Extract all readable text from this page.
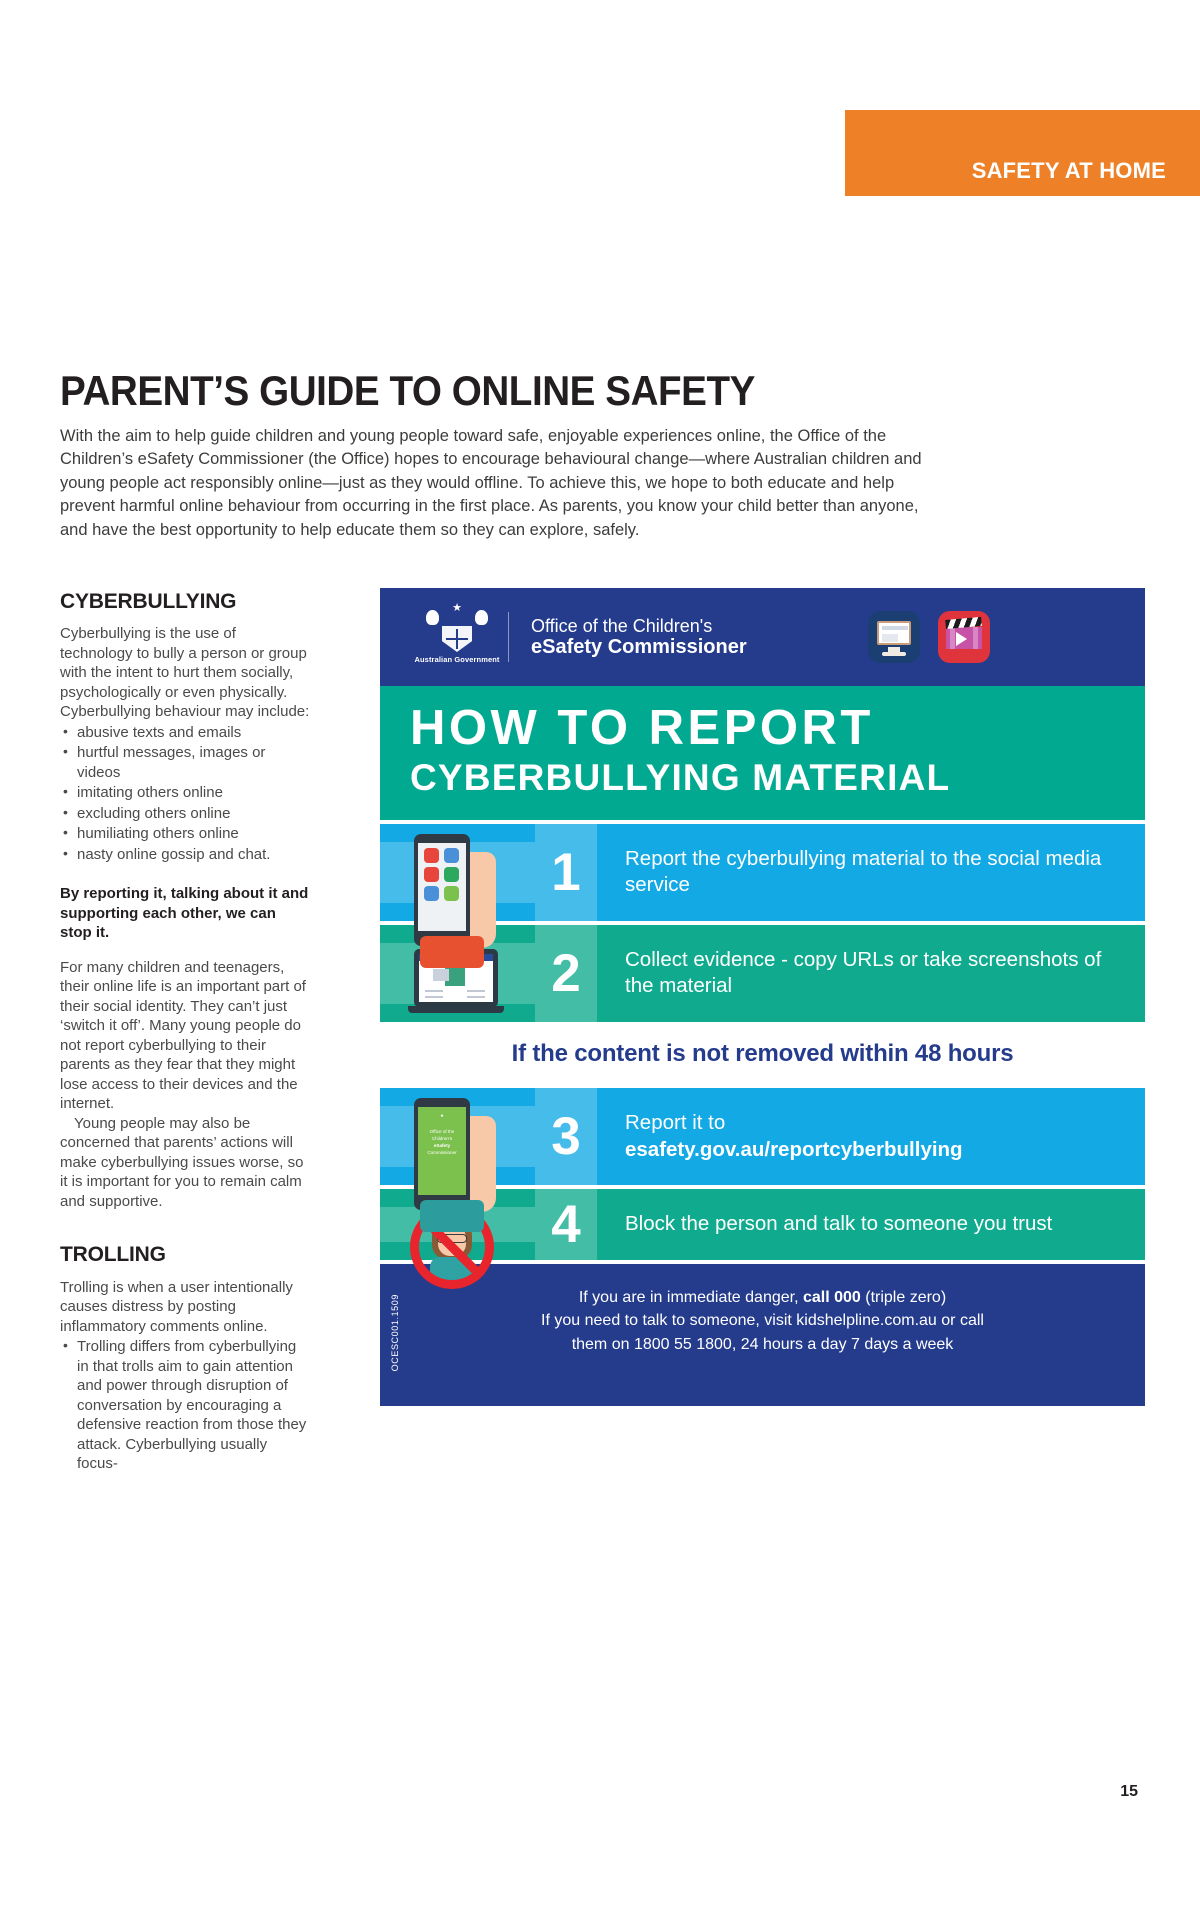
SAFETY AT HOME
PARENT’S GUIDE TO ONLINE SAFETY

With the aim to help guide children and young people toward safe, enjoyable experiences online, the Office of the Children’s eSafety Commissioner (the Office) hopes to encourage behavioural change—where Australian children and young people act responsibly online—just as they would offline. To achieve this, we hope to both educate and help prevent harmful online behaviour from occurring in the first place. As parents, you know your child better than anyone, and have the best opportunity to help educate them so they can explore, safely.

CYBERBULLYING

Cyberbullying is the use of technology to bully a person or group with the intent to hurt them socially, psychologically or even physically.

Cyberbullying behaviour may include:

• abusive texts and emails
• hurtful messages, images or videos
• imitating others online
• excluding others online
• humiliating others online
• nasty online gossip and chat.

By reporting it, talking about it and supporting each other, we can stop it.

For many children and teenagers, their online life is an important part of their social identity. They can’t just ‘switch it off’. Many young people do not report cyberbullying to their parents as they fear that they might lose access to their devices and the internet.

Young people may also be concerned that parents’ actions will make cyberbullying issues worse, so it is important for you to remain calm and supportive.

TROLLING

Trolling is when a user intentionally causes distress by posting inflammatory comments online.

• Trolling differs from cyberbullying in that trolls aim to gain attention and power through disruption of conversation by encouraging a defensive reaction from those they attack. Cyberbullying usually focus-
★
Australian Government
Office of the Children's
eSafety Commissioner
HOW TO REPORT
CYBERBULLYING MATERIAL
1	Report the cyberbullying material to the social media service
2	Collect evidence - copy URLs or take screenshots of the material
If the content is not removed within 48 hours
★
Office of the
Children's
eSafety
Commissioner	3	Report it to
esafety.gov.au/reportcyberbullying
4	Block the person and talk to someone you trust
OCESC001.1509	If you are in immediate danger, call 000 (triple zero)
If you need to talk to someone, visit kidshelpline.com.au or call
them on 1800 55 1800, 24 hours a day 7 days a week
15
